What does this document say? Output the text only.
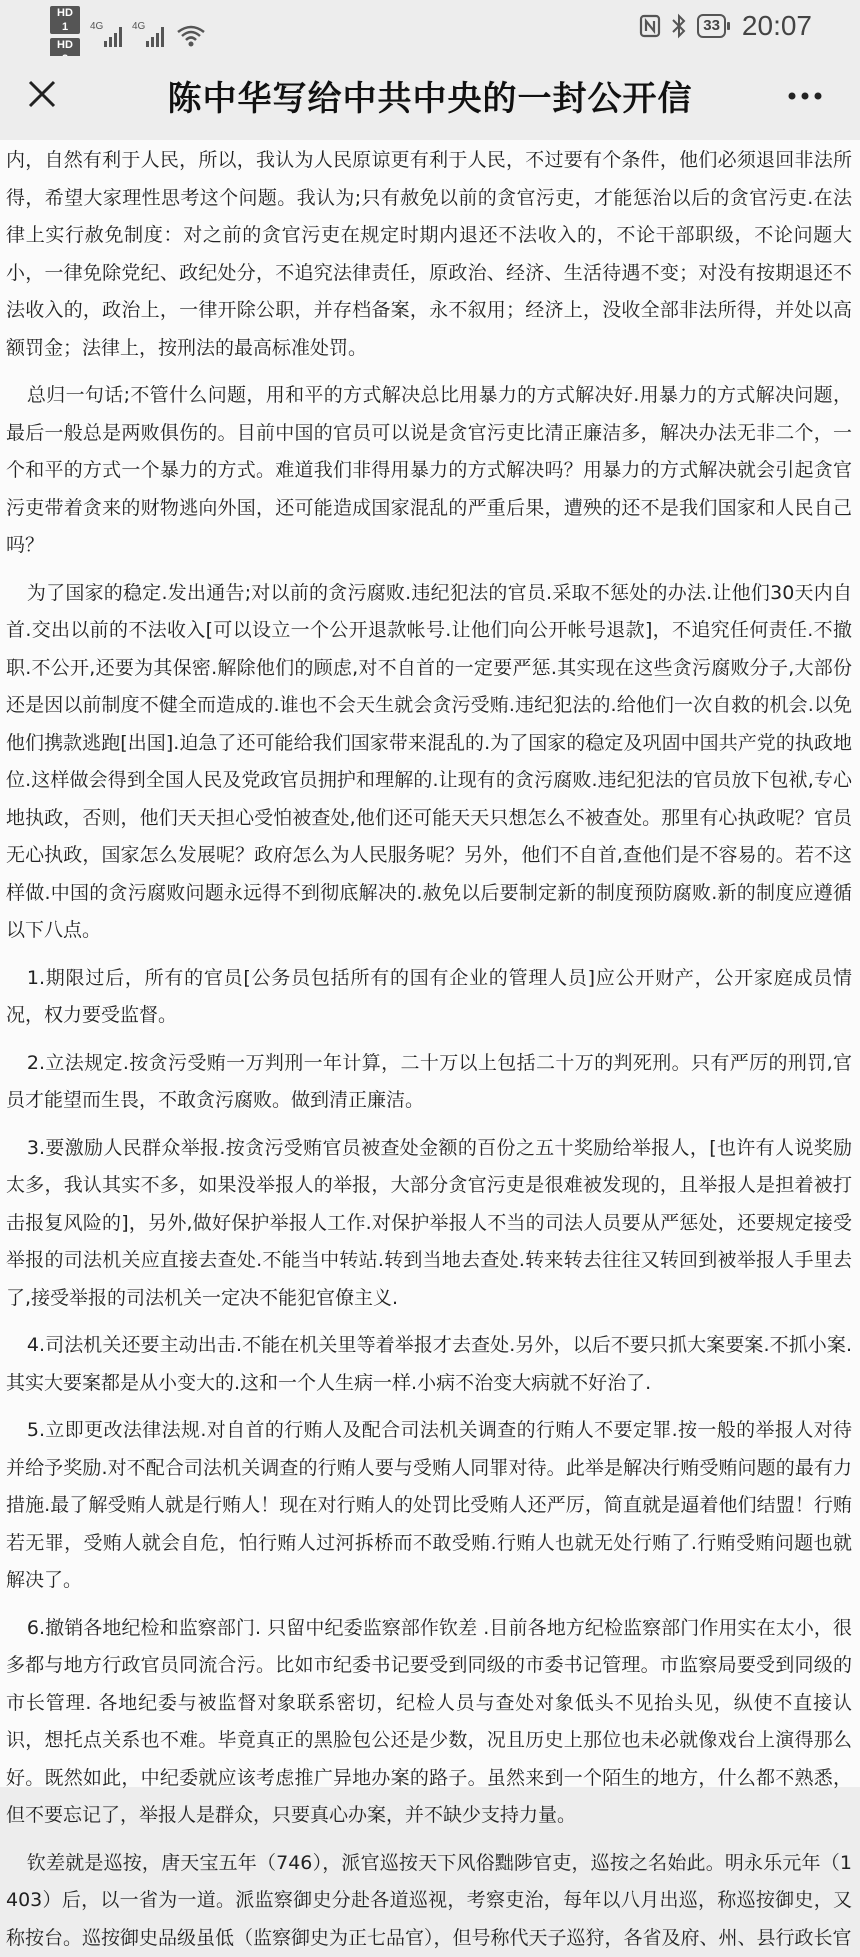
HD 1
HD
4G	4G	33 20:07
陈中华写给中共中央的一封公开信

内，自然有利于人民，所以，我认为人民原谅更有利于人民，不过要有个条件，他们必须退回非法所得，希望大家理性思考这个问题。我认为;只有赦免以前的贪官污吏，才能惩治以后的贪官污吏.在法律上实行赦免制度：对之前的贪官污吏在规定时期内退还不法收入的，不论干部职级，不论问题大小，一律免除党纪、政纪处分，不追究法律责任，原政治、经济、生活待遇不变；对没有按期退还不法收入的，政治上，一律开除公职，并存档备案，永不叙用；经济上，没收全部非法所得，并处以高额罚金；法律上，按刑法的最高标准处罚。

总归一句话;不管什么问题，用和平的方式解决总比用暴力的方式解决好.用暴力的方式解决问题，最后一般总是两败俱伤的。目前中国的官员可以说是贪官污吏比清正廉洁多，解决办法无非二个，一个和平的方式一个暴力的方式。难道我们非得用暴力的方式解决吗？用暴力的方式解决就会引起贪官污吏带着贪来的财物逃向外国，还可能造成国家混乱的严重后果，遭殃的还不是我们国家和人民自己吗？

为了国家的稳定.发出通告;对以前的贪污腐败.违纪犯法的官员.采取不惩处的办法.让他们30天内自首.交出以前的不法收入[可以设立一个公开退款帐号.让他们向公开帐号退款]，不追究任何责任.不撤职.不公开,还要为其保密.解除他们的顾虑,对不自首的一定要严惩.其实现在这些贪污腐败分子,大部份还是因以前制度不健全而造成的.谁也不会天生就会贪污受贿.违纪犯法的.给他们一次自救的机会.以免他们携款逃跑[出国].迫急了还可能给我们国家带来混乱的.为了国家的稳定及巩固中国共产党的执政地位.这样做会得到全国人民及党政官员拥护和理解的.让现有的贪污腐败.违纪犯法的官员放下包袱,专心地执政，否则，他们天天担心受怕被查处,他们还可能天天只想怎么不被查处。那里有心执政呢？官员无心执政，国家怎么发展呢？政府怎么为人民服务呢？另外，他们不自首,查他们是不容易的。若不这样做.中国的贪污腐败问题永远得不到彻底解决的.赦免以后要制定新的制度预防腐败.新的制度应遵循以下八点。

1.期限过后，所有的官员[公务员包括所有的国有企业的管理人员]应公开财产，公开家庭成员情况，权力要受监督。

2.立法规定.按贪污受贿一万判刑一年计算，二十万以上包括二十万的判死刑。只有严厉的刑罚,官员才能望而生畏，不敢贪污腐败。做到清正廉洁。

3.要激励人民群众举报.按贪污受贿官员被查处金额的百份之五十奖励给举报人，[也许有人说奖励太多，我认其实不多，如果没举报人的举报，大部分贪官污吏是很难被发现的，且举报人是担着被打击报复风险的]，另外,做好保护举报人工作.对保护举报人不当的司法人员要从严惩处，还要规定接受举报的司法机关应直接去查处.不能当中转站.转到当地去查处.转来转去往往又转回到被举报人手里去了,接受举报的司法机关一定决不能犯官僚主义.

4.司法机关还要主动出击.不能在机关里等着举报才去查处.另外，以后不要只抓大案要案.不抓小案.其实大要案都是从小变大的.这和一个人生病一样.小病不治变大病就不好治了.

5.立即更改法律法规.对自首的行贿人及配合司法机关调查的行贿人不要定罪.按一般的举报人对待并给予奖励.对不配合司法机关调查的行贿人要与受贿人同罪对待。此举是解决行贿受贿问题的最有力措施.最了解受贿人就是行贿人！现在对行贿人的处罚比受贿人还严厉，简直就是逼着他们结盟！行贿若无罪，受贿人就会自危，怕行贿人过河拆桥而不敢受贿.行贿人也就无处行贿了.行贿受贿问题也就解决了。

6.撤销各地纪检和监察部门. 只留中纪委监察部作钦差 .目前各地方纪检监察部门作用实在太小，很多都与地方行政官员同流合污。比如市纪委书记要受到同级的市委书记管理。市监察局要受到同级的市长管理. 各地纪委与被监督对象联系密切，纪检人员与查处对象低头不见抬头见，纵使不直接认识，想托点关系也不难。毕竟真正的黑脸包公还是少数，况且历史上那位也未必就像戏台上演得那么好。既然如此，中纪委就应该考虑推广异地办案的路子。虽然来到一个陌生的地方，什么都不熟悉，但不要忘记了，举报人是群众，只要真心办案，并不缺少支持力量。

钦差就是巡按，唐天宝五年（746），派官巡按天下风俗黜陟官吏，巡按之名始此。明永乐元年（1403）后，以一省为一道。派监察御史分赴各道巡视，考察吏治，每年以八月出巡，称巡按御史，又称按台。巡按御史品级虽低（监察御史为正七品官），但号称代天子巡狩，各省及府、州、县行政长官
